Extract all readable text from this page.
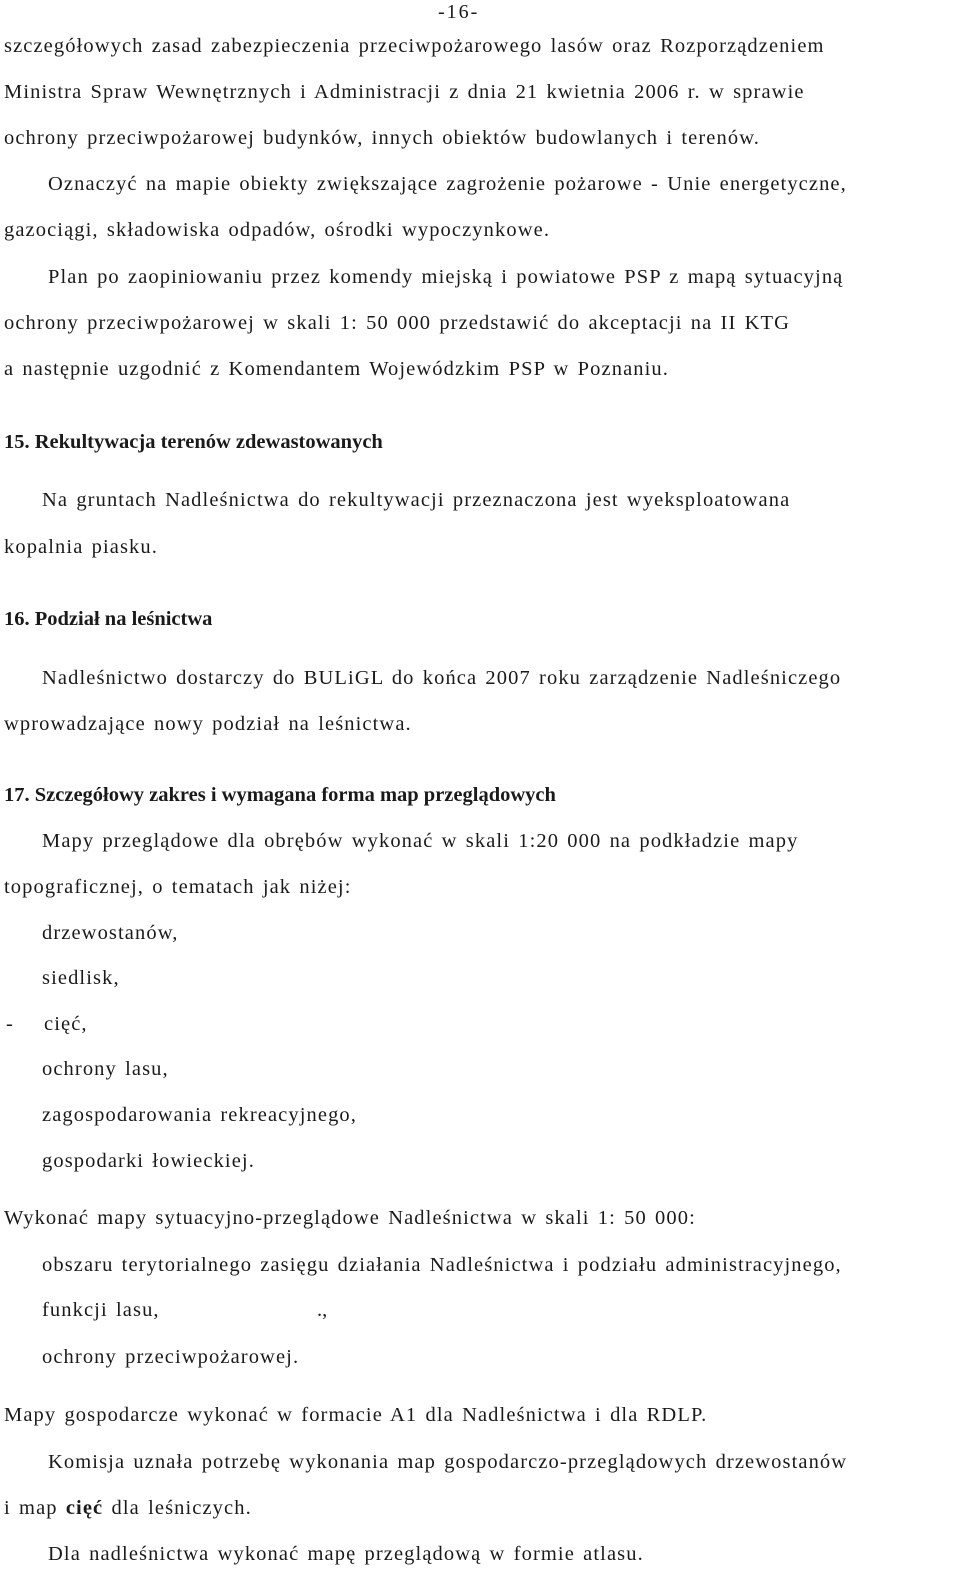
-16-
szczegółowych zasad zabezpieczenia przeciwpożarowego lasów oraz Rozporządzeniem
Ministra Spraw Wewnętrznych i Administracji z dnia 21 kwietnia 2006 r. w sprawie
ochrony przeciwpożarowej budynków, innych obiektów budowlanych i terenów.
Oznaczyć na mapie obiekty zwiększające zagrożenie pożarowe - Unie energetyczne,
gazociągi, składowiska odpadów, ośrodki wypoczynkowe.
Plan po zaopiniowaniu przez komendy miejską i powiatowe PSP z mapą sytuacyjną
ochrony przeciwpożarowej w skali 1: 50 000 przedstawić do akceptacji na II KTG
a następnie uzgodnić z Komendantem Wojewódzkim PSP w Poznaniu.
15. Rekultywacja terenów zdewastowanych
Na gruntach Nadleśnictwa do rekultywacji przeznaczona jest wyeksploatowana
kopalnia piasku.
16. Podział na leśnictwa
Nadleśnictwo dostarczy do BULiGL do końca 2007 roku zarządzenie Nadleśniczego
wprowadzające nowy podział na leśnictwa.
17. Szczegółowy zakres i wymagana forma map przeglądowych
Mapy przeglądowe dla obrębów wykonać w skali 1:20 000 na podkładzie mapy
topograficznej, o tematach jak niżej:
drzewostanów,
siedlisk,
- cięć,
ochrony lasu,
zagospodarowania rekreacyjnego,
gospodarki łowieckiej.
Wykonać mapy sytuacyjno-przeglądowe Nadleśnictwa w skali 1: 50 000:
obszaru terytorialnego zasięgu działania Nadleśnictwa i podziału administracyjnego,
funkcji lasu,	.,
ochrony przeciwpożarowej.
Mapy gospodarcze wykonać w formacie A1 dla Nadleśnictwa i dla RDLP.
Komisja uznała potrzebę wykonania map gospodarczo-przeglądowych drzewostanów
i map cięć dla leśniczych.
Dla nadleśnictwa wykonać mapę przeglądową w formie atlasu.
